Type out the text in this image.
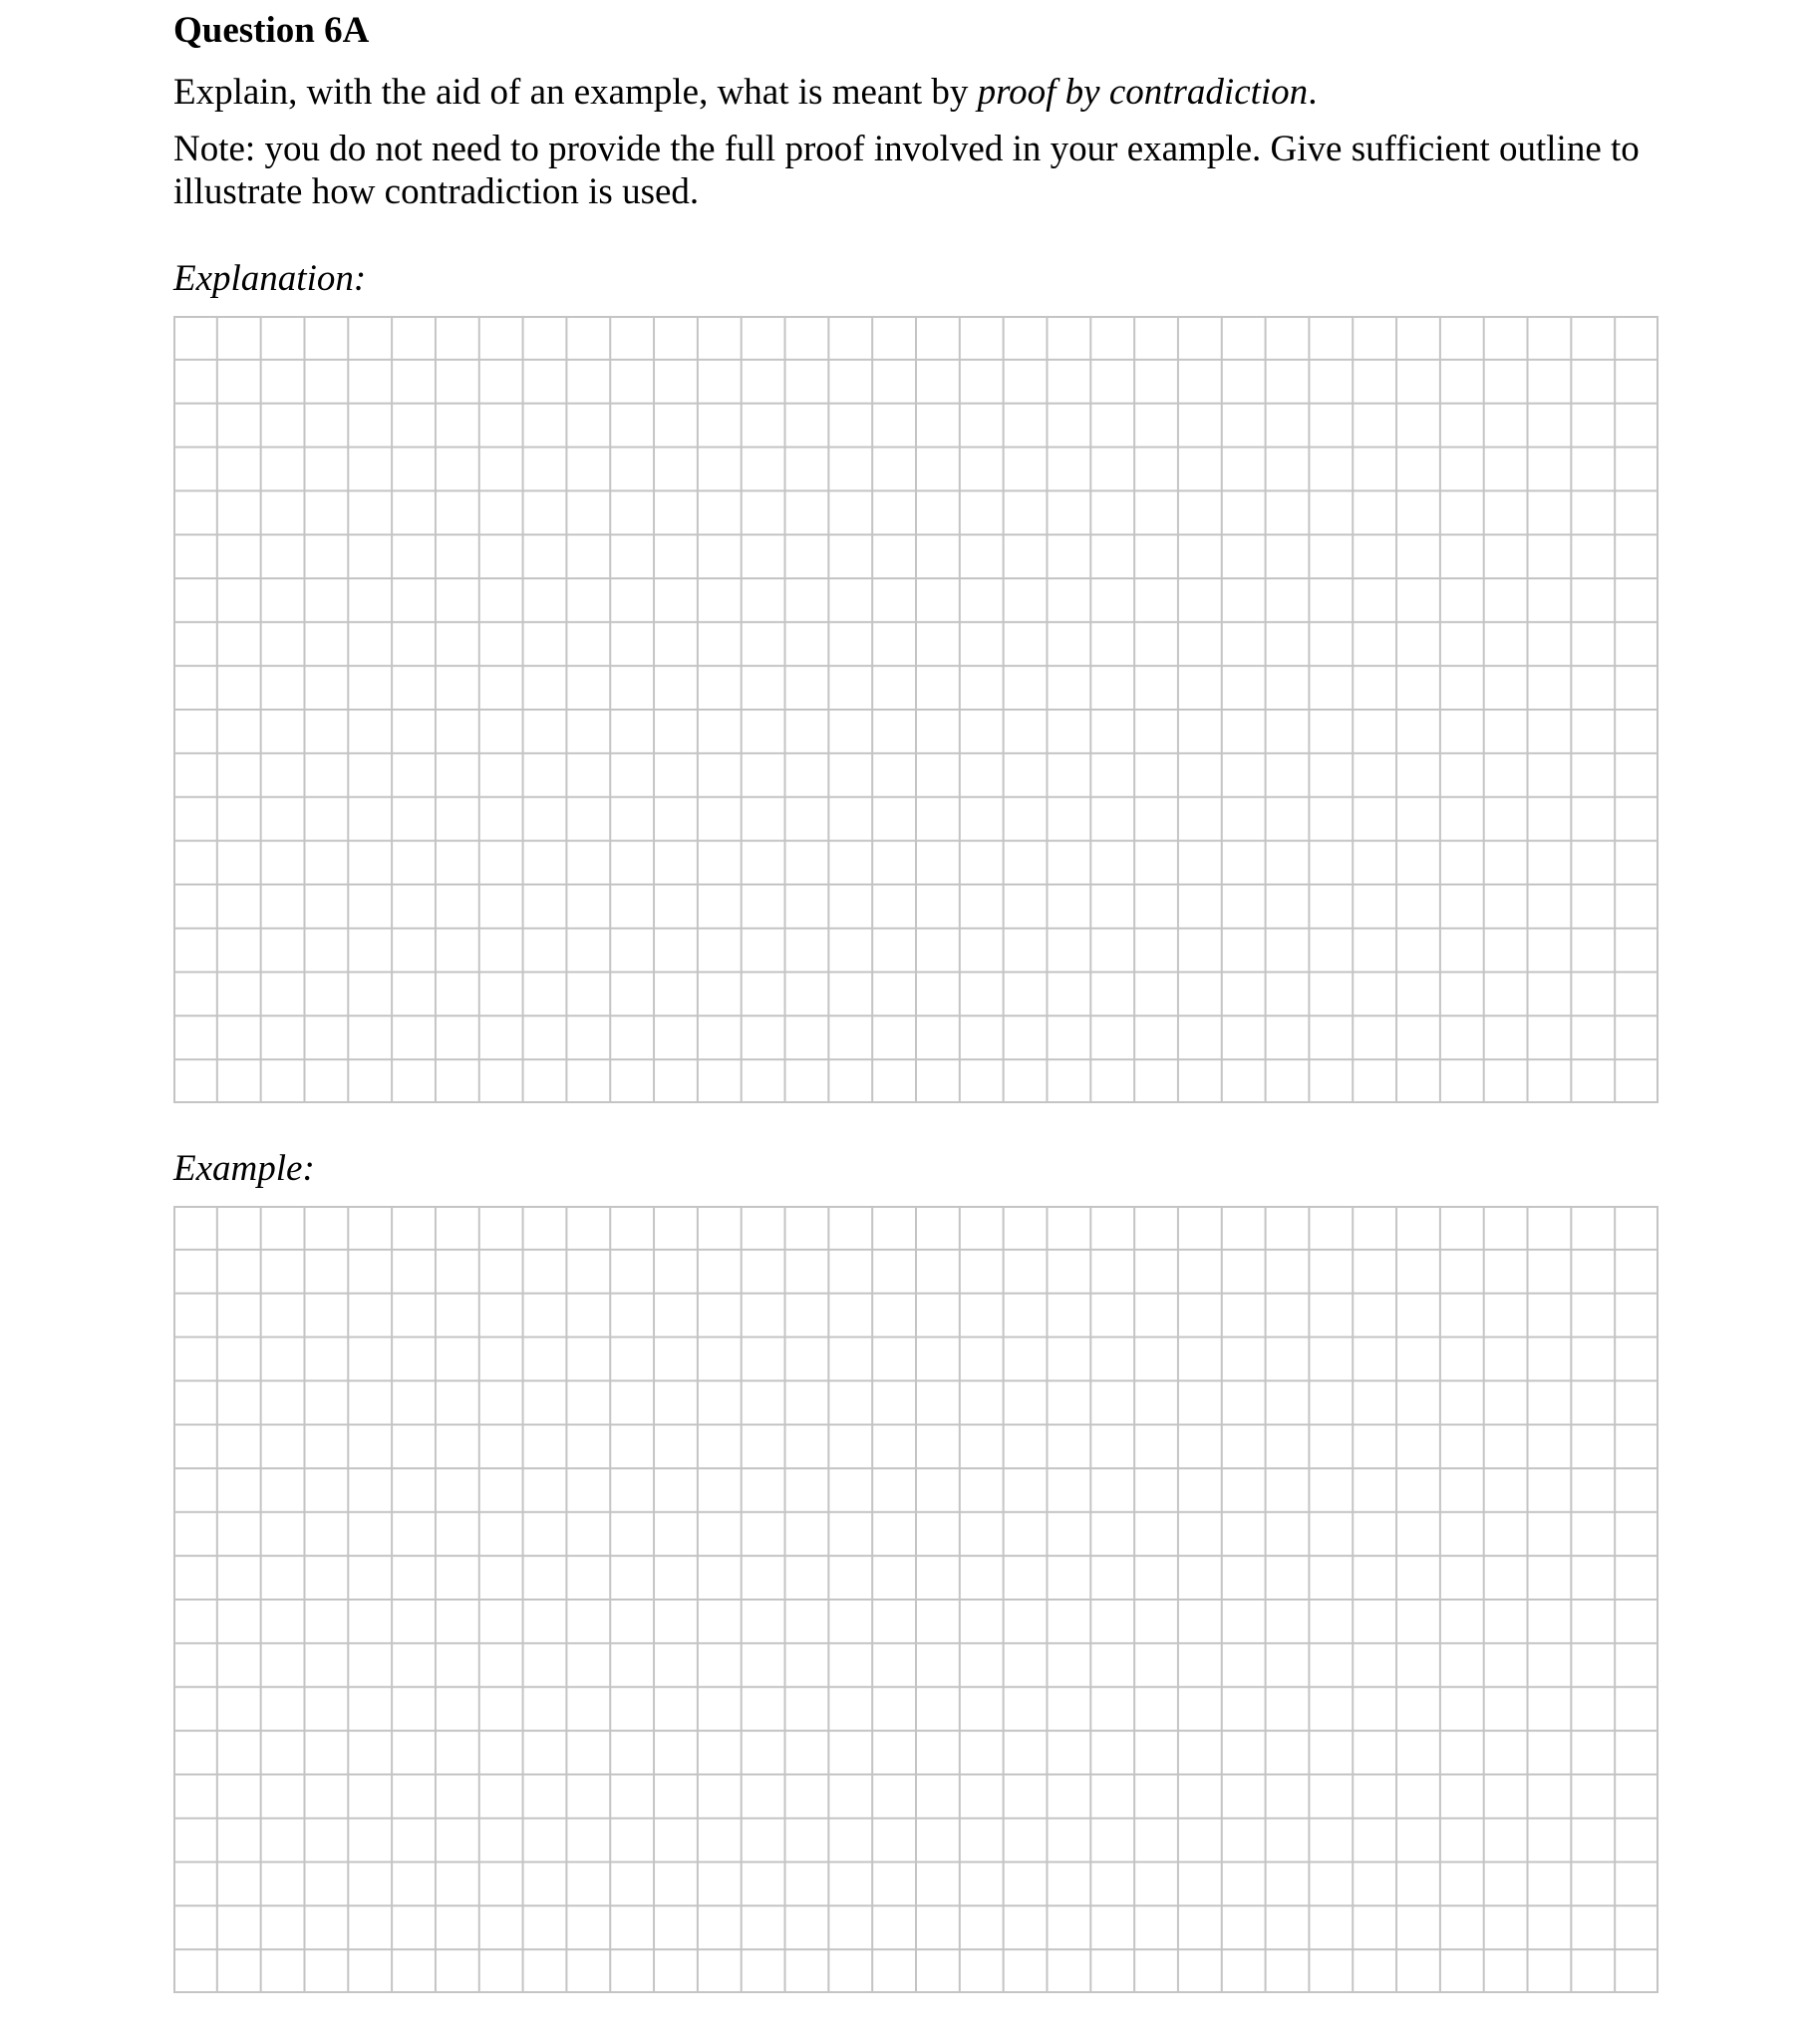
Question 6A
Explain, with the aid of an example, what is meant by proof by contradiction.
Note: you do not need to provide the full proof involved in your example. Give sufficient outline to
illustrate how contradiction is used.
Explanation:
Example:
